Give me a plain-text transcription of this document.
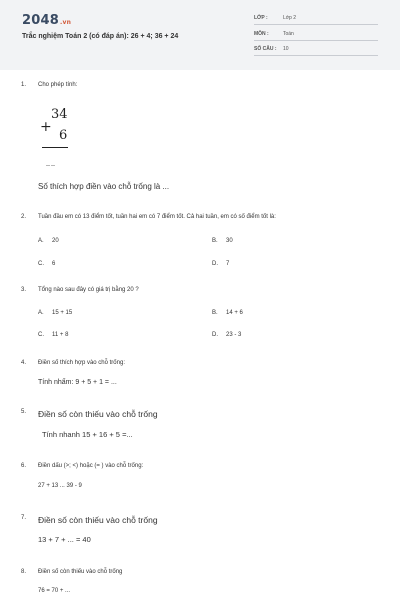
2048.vn
Trắc nghiệm Toán 2 (có đáp án): 26 + 4; 36 + 24
LỚP :	Lớp 2
MÔN :	Toán
SỐ CÂU : 10
1.	Cho phép tính:
34
+
6
__
Số thích hợp điền vào chỗ trống là ...
2.	Tuần đầu em có 13 điểm tốt, tuần hai em có 7 điểm tốt. Cả hai tuần, em có số điểm tốt là:
A. 20	B. 30
C. 6	D. 7
3.	Tổng nào sau đây có giá trị bằng 20 ?
A. 15 + 15	B. 14 + 6
C. 11 + 8	D. 23 - 3
4.	Điền số thích hợp vào chỗ trống:
Tính nhẩm: 9 + 5 + 1 = ...
5.	Điền số còn thiếu vào chỗ trống
Tính nhanh 15 + 16 + 5 =...
6.	Điền dấu (>; <) hoặc (= ) vào chỗ trống:
27 + 13 ... 39 - 9
7.	Điền số còn thiếu vào chỗ trống
13 + 7 + ... = 40
8.	Điền số còn thiếu vào chỗ trống
76 = 70 + ...
